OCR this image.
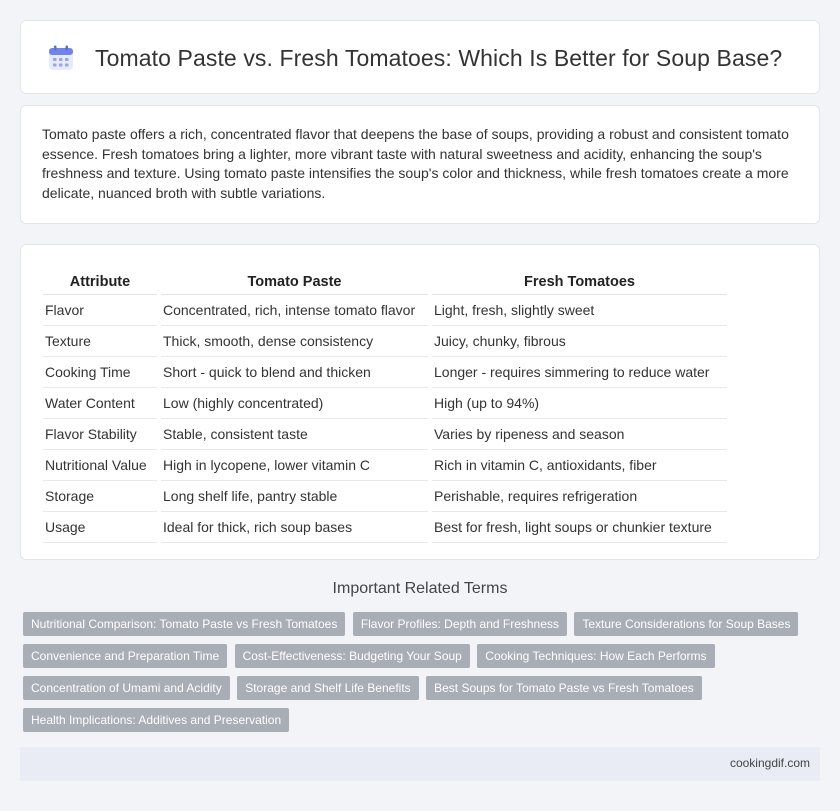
Tomato Paste vs. Fresh Tomatoes: Which Is Better for Soup Base?

Tomato paste offers a rich, concentrated flavor that deepens the base of soups, providing a robust and consistent tomato essence. Fresh tomatoes bring a lighter, more vibrant taste with natural sweetness and acidity, enhancing the soup's freshness and texture. Using tomato paste intensifies the soup's color and thickness, while fresh tomatoes create a more delicate, nuanced broth with subtle variations.

Attribute	Tomato Paste	Fresh Tomatoes
Flavor	Concentrated, rich, intense tomato flavor	Light, fresh, slightly sweet
Texture	Thick, smooth, dense consistency	Juicy, chunky, fibrous
Cooking Time	Short - quick to blend and thicken	Longer - requires simmering to reduce water
Water Content	Low (highly concentrated)	High (up to 94%)
Flavor Stability	Stable, consistent taste	Varies by ripeness and season
Nutritional Value	High in lycopene, lower vitamin C	Rich in vitamin C, antioxidants, fiber
Storage	Long shelf life, pantry stable	Perishable, requires refrigeration
Usage	Ideal for thick, rich soup bases	Best for fresh, light soups or chunkier texture
Important Related Terms
Nutritional Comparison: Tomato Paste vs Fresh Tomatoes Flavor Profiles: Depth and Freshness Texture Considerations for Soup Bases Convenience and Preparation Time Cost-Effectiveness: Budgeting Your Soup Cooking Techniques: How Each Performs Concentration of Umami and Acidity Storage and Shelf Life Benefits Best Soups for Tomato Paste vs Fresh Tomatoes Health Implications: Additives and Preservation
cookingdif.com
